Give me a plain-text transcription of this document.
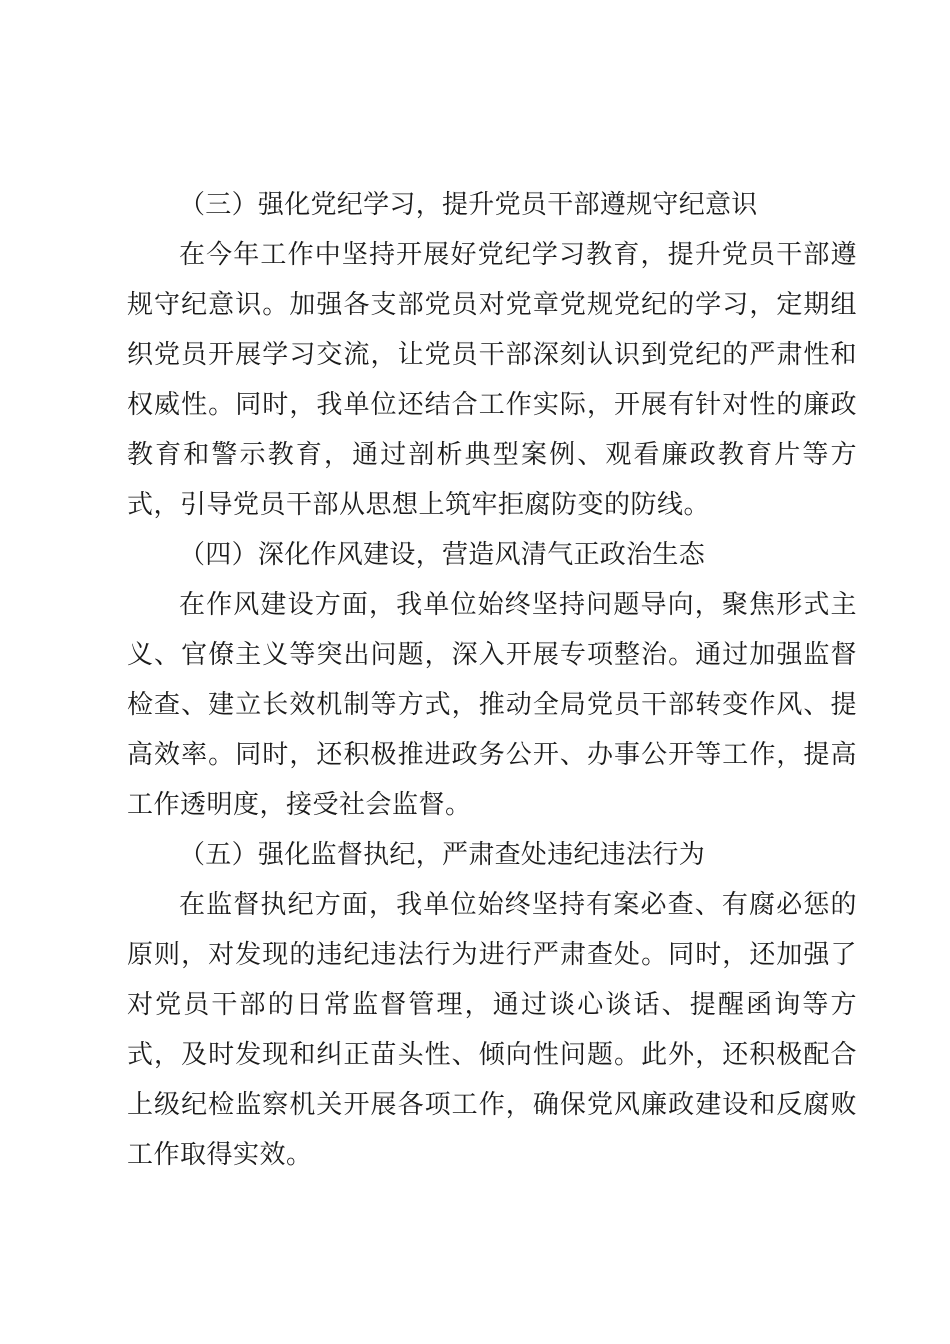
（三）强化党纪学习，提升党员干部遵规守纪意识

在今年工作中坚持开展好党纪学习教育，提升党员干部遵规守纪意识。加强各支部党员对党章党规党纪的学习，定期组织党员开展学习交流，让党员干部深刻认识到党纪的严肃性和权威性。同时，我单位还结合工作实际，开展有针对性的廉政教育和警示教育，通过剖析典型案例、观看廉政教育片等方式，引导党员干部从思想上筑牢拒腐防变的防线。

（四）深化作风建设，营造风清气正政治生态

在作风建设方面，我单位始终坚持问题导向，聚焦形式主义、官僚主义等突出问题，深入开展专项整治。通过加强监督检查、建立长效机制等方式，推动全局党员干部转变作风、提高效率。同时，还积极推进政务公开、办事公开等工作，提高工作透明度，接受社会监督。

（五）强化监督执纪，严肃查处违纪违法行为

在监督执纪方面，我单位始终坚持有案必查、有腐必惩的原则，对发现的违纪违法行为进行严肃查处。同时，还加强了对党员干部的日常监督管理，通过谈心谈话、提醒函询等方式，及时发现和纠正苗头性、倾向性问题。此外，还积极配合上级纪检监察机关开展各项工作，确保党风廉政建设和反腐败工作取得实效。
